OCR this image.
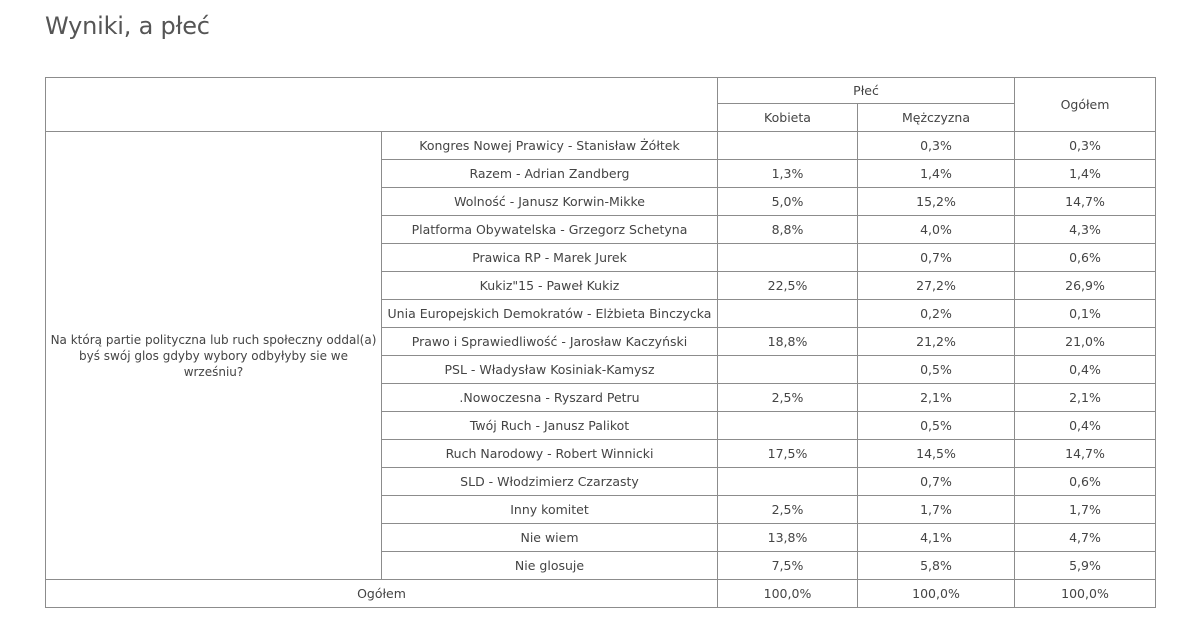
Wyniki, a płeć
		Płeć		Ogółem
		Kobieta	Mężczyzna	
Na którą partie polityczna lub ruch społeczny oddal(a) byś swój glos gdyby wybory odbyłyby sie we wrześniu?	Kongres Nowej Prawicy - Stanisław Żółtek		0,3%	0,3%
	Razem - Adrian Zandberg	1,3%	1,4%	1,4%
	Wolność - Janusz Korwin-Mikke	5,0%	15,2%	14,7%
	Platforma Obywatelska - Grzegorz Schetyna	8,8%	4,0%	4,3%
	Prawica RP - Marek Jurek		0,7%	0,6%
	Kukiz"15 - Paweł Kukiz	22,5%	27,2%	26,9%
	Unia Europejskich Demokratów - Elżbieta Binczycka		0,2%	0,1%
	Prawo i Sprawiedliwość - Jarosław Kaczyński	18,8%	21,2%	21,0%
	PSL - Władysław Kosiniak-Kamysz		0,5%	0,4%
	.Nowoczesna - Ryszard Petru	2,5%	2,1%	2,1%
	Twój Ruch - Janusz Palikot		0,5%	0,4%
	Ruch Narodowy - Robert Winnicki	17,5%	14,5%	14,7%
	SLD - Włodzimierz Czarzasty		0,7%	0,6%
	Inny komitet	2,5%	1,7%	1,7%
	Nie wiem	13,8%	4,1%	4,7%
	Nie glosuje	7,5%	5,8%	5,9%
Ogółem		100,0%	100,0%	100,0%
